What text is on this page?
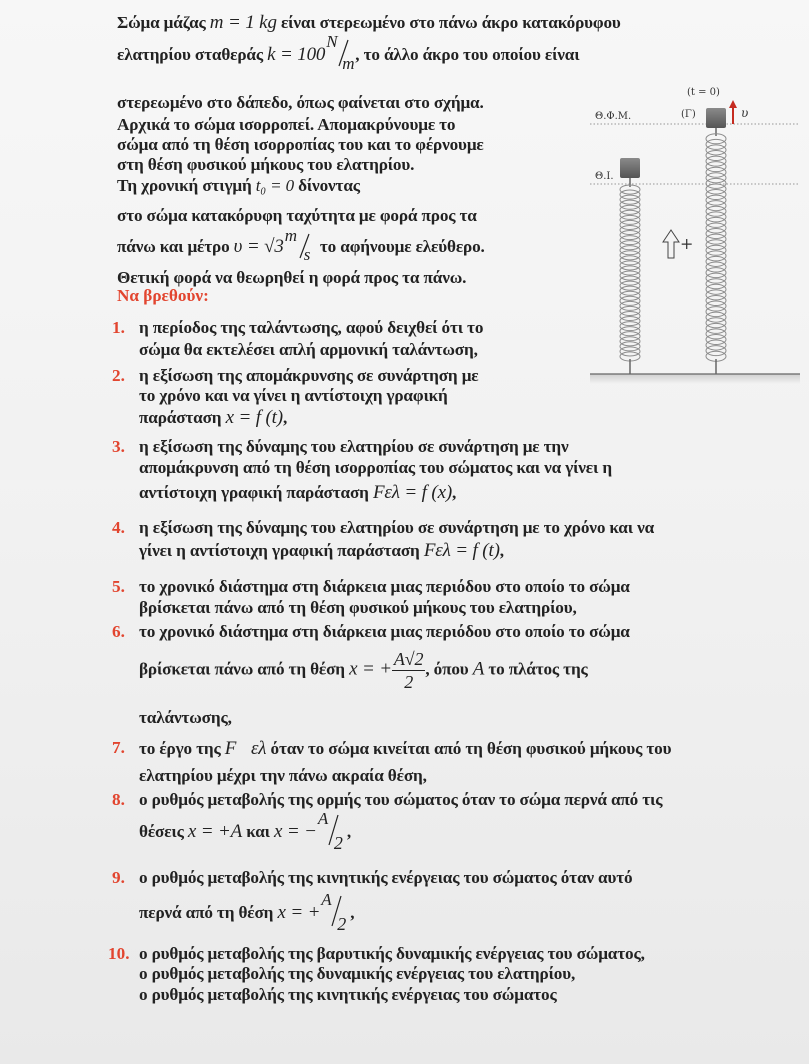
Σώμα μάζας m = 1 kg είναι στερεωμένο στο πάνω άκρο κατακόρυφου
ελατηρίου σταθεράς k = 100
N
m , το άλλο άκρο του οποίου είναι
στερεωμένο στο δάπεδο, όπως φαίνεται στο σχήμα.
Αρχικά το σώμα ισορροπεί. Απομακρύνουμε το
σώμα από τη θέση ισορροπίας του και το φέρνουμε
στη θέση φυσικού μήκους του ελατηρίου.
Τη χρονική στιγμή t₀ = 0 δίνοντας
στο σώμα κατακόρυφη ταχύτητα με φορά προς τα
πάνω και μέτρο υ = √3
m
s το αφήνουμε ελεύθερο.
Θετική φορά να θεωρηθεί η φορά προς τα πάνω.
Να βρεθούν:
(t = 0)
(Γ)	υ
Θ.Φ.Μ.
Θ.Ι.
+
1. η περίοδος της ταλάντωσης, αφού δειχθεί ότι το
σώμα θα εκτελέσει απλή αρμονική ταλάντωση,
2. η εξίσωση της απομάκρυνσης σε συνάρτηση με
το χρόνο και να γίνει η αντίστοιχη γραφική
παράσταση x = f (t),
3. η εξίσωση της δύναμης του ελατηρίου σε συνάρτηση με την
απομάκρυνση από τη θέση ισορροπίας του σώματος και να γίνει η
αντίστοιχη γραφική παράσταση Fελ = f (x),
4. η εξίσωση της δύναμης του ελατηρίου σε συνάρτηση με το χρόνο και να
γίνει η αντίστοιχη γραφική παράσταση Fελ = f (t),
5. το χρονικό διάστημα στη διάρκεια μιας περιόδου στο οποίο το σώμα
βρίσκεται πάνω από τη θέση φυσικού μήκους του ελατηρίου,
6. το χρονικό διάστημα στη διάρκεια μιας περιόδου στο οποίο το σώμα
βρίσκεται πάνω από τη θέση x = + $\frac{A√2}{2}$ , όπου A το πλάτος της
ταλάντωσης,
7. το έργο της F⃗ελ όταν το σώμα κινείται από τη θέση φυσικού μήκους του
ελατηρίου μέχρι την πάνω ακραία θέση,
8. ο ρυθμός μεταβολής της ορμής του σώματος όταν το σώμα περνά από τις
θέσεις x = +A και x = −
A
2
,
9. ο ρυθμός μεταβολής της κινητικής ενέργειας του σώματος όταν αυτό
περνά από τη θέση x = +
A
2
,
10. ο ρυθμός μεταβολής της βαρυτικής δυναμικής ενέργειας του σώματος,
ο ρυθμός μεταβολής της δυναμικής ενέργειας του ελατηρίου,
ο ρυθμός μεταβολής της κινητικής ενέργειας του σώματος
